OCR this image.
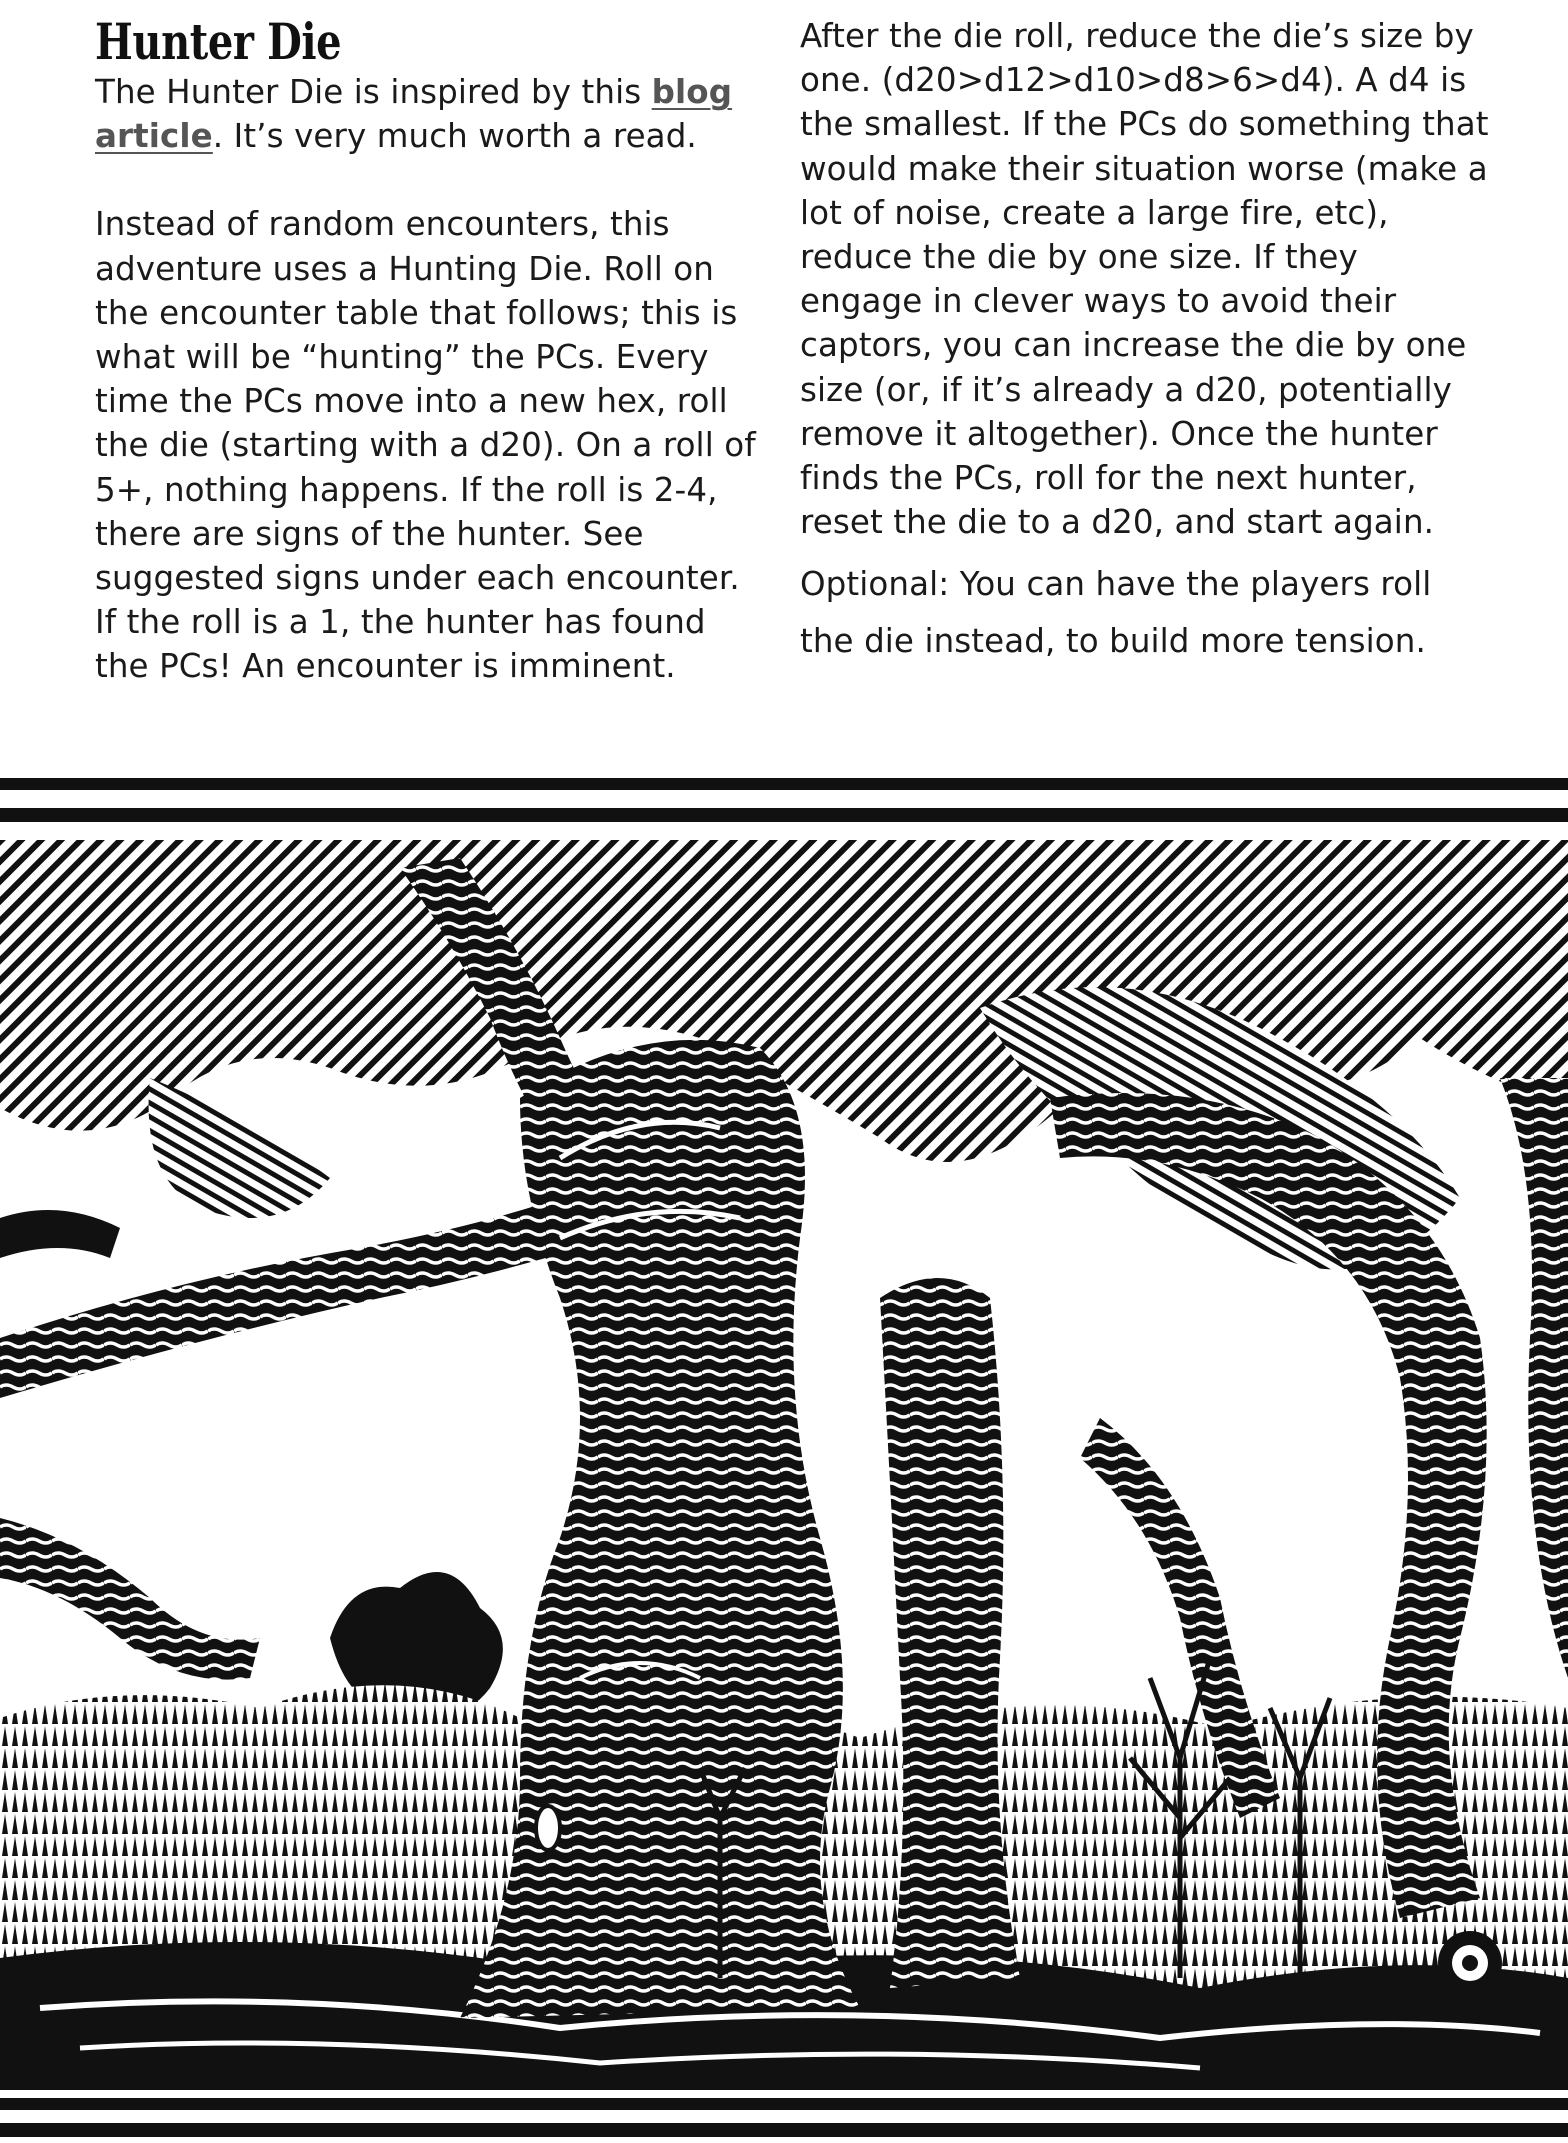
Hunter Die

The Hunter Die is inspired by this blog article. It’s very much worth a read.

Instead of random encounters, this adventure uses a Hunting Die. Roll on the encounter table that follows; this is what will be “hunting” the PCs. Every time the PCs move into a new hex, roll the die (starting with a d20). On a roll of 5+, nothing happens. If the roll is 2-4, there are signs of the hunter. See suggested signs under each encounter. If the roll is a 1, the hunter has found the PCs! An encounter is imminent.

After the die roll, reduce the die’s size by one. (d20>d12>d10>d8>6>d4). A d4 is the smallest. If the PCs do something that would make their situation worse (make a lot of noise, create a large fire, etc), reduce the die by one size. If they engage in clever ways to avoid their captors, you can increase the die by one size (or, if it’s already a d20, potentially remove it altogether). Once the hunter finds the PCs, roll for the next hunter, reset the die to a d20, and start again.

Optional: You can have the players roll the die instead, to build more tension.
